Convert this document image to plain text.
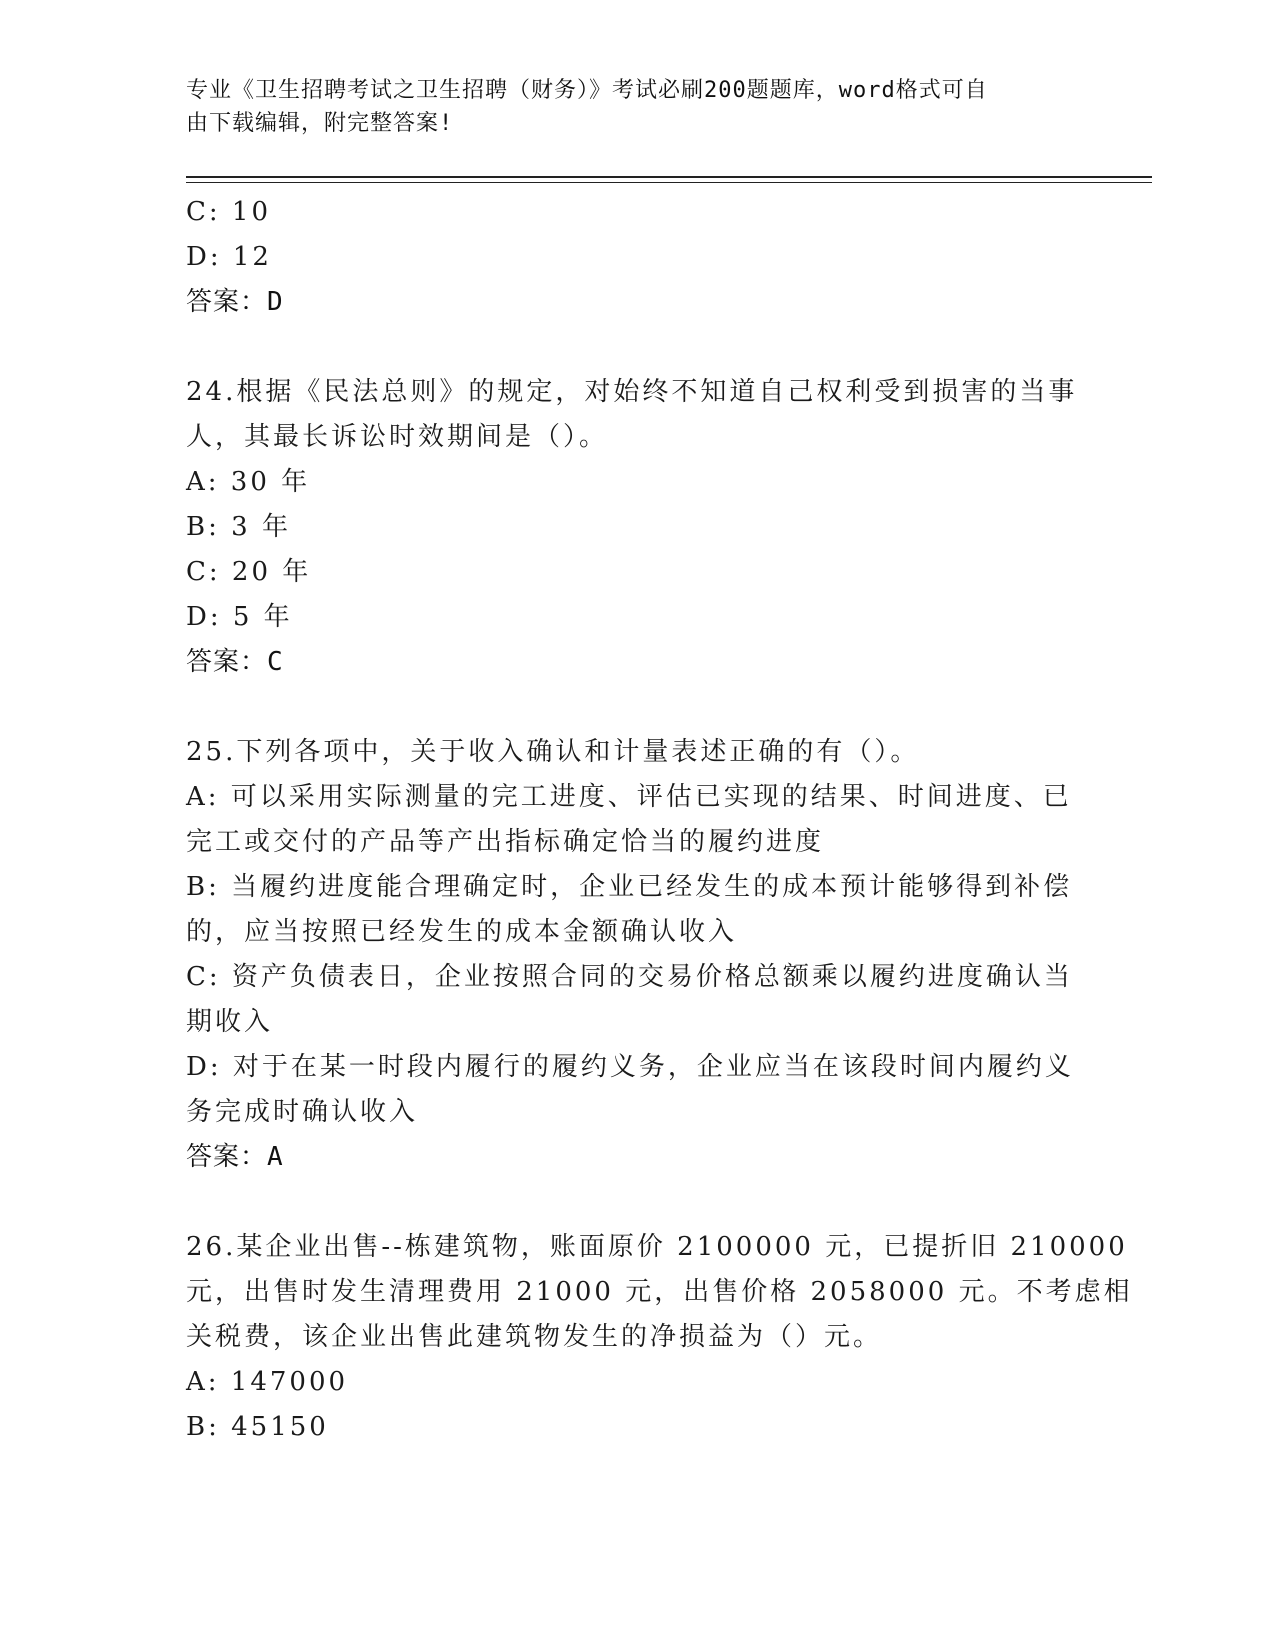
专业《卫生招聘考试之卫生招聘（财务）》考试必刷200题题库，word格式可自
由下载编辑，附完整答案!
C: 10
D: 12
答案：D
24.根据《民法总则》的规定，对始终不知道自己权利受到损害的当事
人，其最长诉讼时效期间是（）。
A: 30 年
B: 3 年
C: 20 年
D: 5 年
答案：C
25.下列各项中，关于收入确认和计量表述正确的有（）。
A: 可以采用实际测量的完工进度、评估已实现的结果、时间进度、已
完工或交付的产品等产出指标确定恰当的履约进度
B: 当履约进度能合理确定时，企业已经发生的成本预计能够得到补偿
的，应当按照已经发生的成本金额确认收入
C: 资产负债表日，企业按照合同的交易价格总额乘以履约进度确认当
期收入
D: 对于在某一时段内履行的履约义务，企业应当在该段时间内履约义
务完成时确认收入
答案：A
26.某企业出售--栋建筑物，账面原价 2100000 元，已提折旧 210000
元，出售时发生清理费用 21000 元，出售价格 2058000 元。不考虑相
关税费，该企业出售此建筑物发生的净损益为（）元。
A: 147000
B: 45150
